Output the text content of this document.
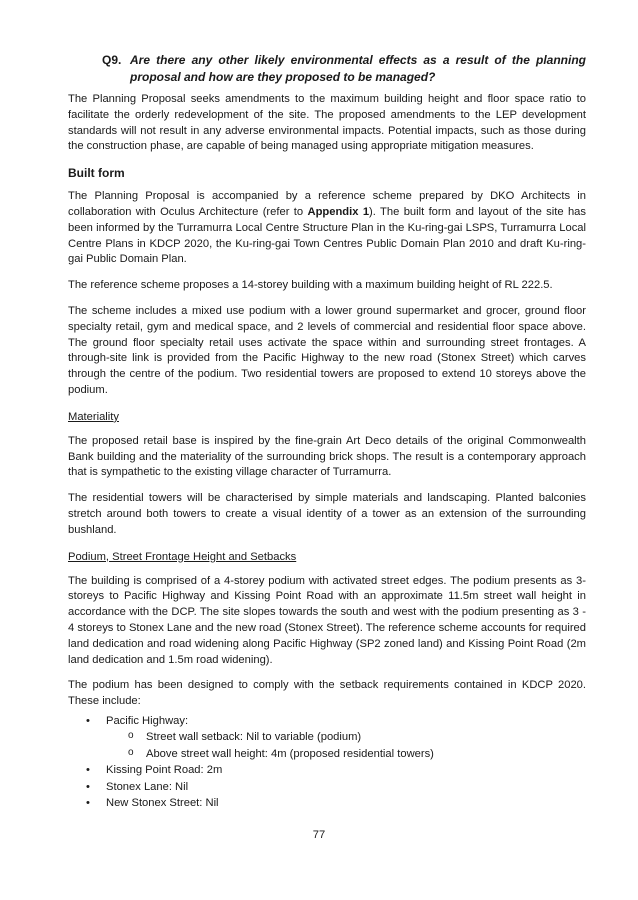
Q9. Are there any other likely environmental effects as a result of the planning proposal and how are they proposed to be managed?

The Planning Proposal seeks amendments to the maximum building height and floor space ratio to facilitate the orderly redevelopment of the site. The proposed amendments to the LEP development standards will not result in any adverse environmental impacts. Potential impacts, such as those during the construction phase, are capable of being managed using appropriate mitigation measures.

Built form

The Planning Proposal is accompanied by a reference scheme prepared by DKO Architects in collaboration with Oculus Architecture (refer to Appendix 1). The built form and layout of the site has been informed by the Turramurra Local Centre Structure Plan in the Ku-ring-gai LSPS, Turramurra Local Centre Plans in KDCP 2020, the Ku-ring-gai Town Centres Public Domain Plan 2010 and draft Ku-ring-gai Public Domain Plan.

The reference scheme proposes a 14-storey building with a maximum building height of RL 222.5.

The scheme includes a mixed use podium with a lower ground supermarket and grocer, ground floor specialty retail, gym and medical space, and 2 levels of commercial and residential floor space above. The ground floor specialty retail uses activate the space within and surrounding street frontages. A through-site link is provided from the Pacific Highway to the new road (Stonex Street) which carves through the centre of the podium. Two residential towers are proposed to extend 10 storeys above the podium.

Materiality

The proposed retail base is inspired by the fine-grain Art Deco details of the original Commonwealth Bank building and the materiality of the surrounding brick shops. The result is a contemporary approach that is sympathetic to the existing village character of Turramurra.

The residential towers will be characterised by simple materials and landscaping. Planted balconies stretch around both towers to create a visual identity of a tower as an extension of the surrounding bushland.

Podium, Street Frontage Height and Setbacks

The building is comprised of a 4-storey podium with activated street edges. The podium presents as 3-storeys to Pacific Highway and Kissing Point Road with an approximate 11.5m street wall height in accordance with the DCP. The site slopes towards the south and west with the podium presenting as 3 - 4 storeys to Stonex Lane and the new road (Stonex Street). The reference scheme accounts for required land dedication and road widening along Pacific Highway (SP2 zoned land) and Kissing Point Road (2m land dedication and 1.5m road widening).

The podium has been designed to comply with the setback requirements contained in KDCP 2020. These include:

• Pacific Highway:
o Street wall setback: Nil to variable (podium)
o Above street wall height: 4m (proposed residential towers)
• Kissing Point Road: 2m
• Stonex Lane: Nil
• New Stonex Street: Nil
77
